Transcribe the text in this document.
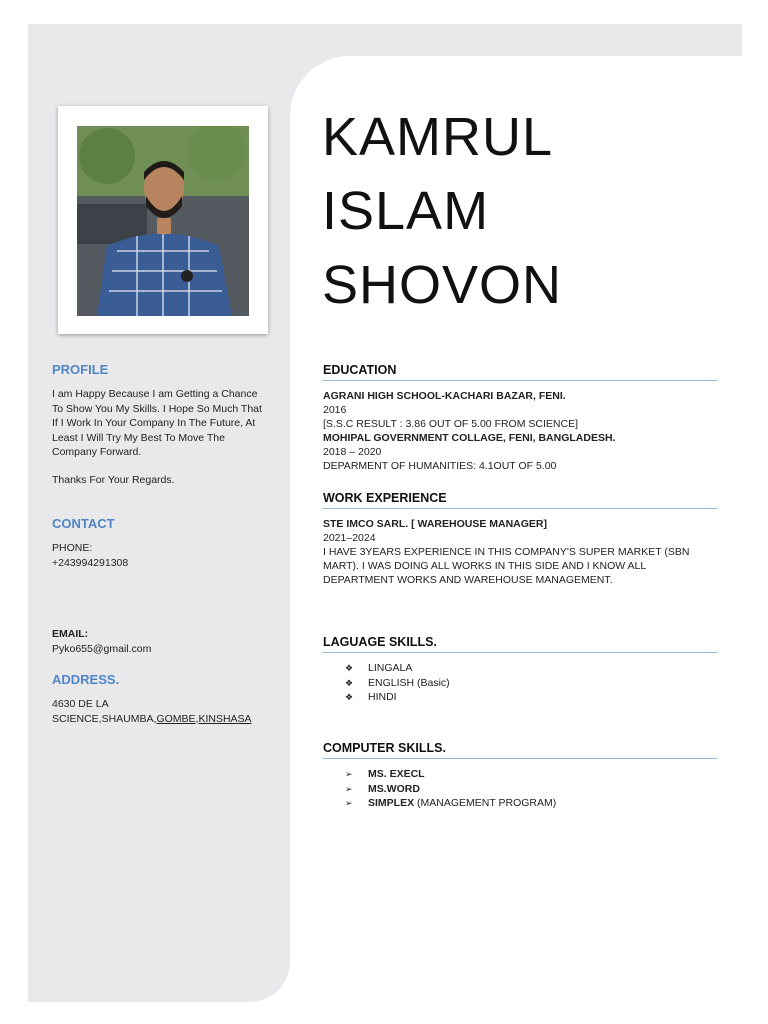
KAMRUL
ISLAM
SHOVON

PROFILE

I am Happy Because I am Getting a Chance To Show You My Skills. I Hope So Much That If I Work In Your Company In The Future, At Least I Will Try My Best To Move The Company Forward.

Thanks For Your Regards.

CONTACT

PHONE:

+243994291308

EMAIL:

Pyko655@gmail.com

ADDRESS.

4630 DE LA

SCIENCE,SHAUMBA,GOMBE,KINSHASA

EDUCATION

AGRANI HIGH SCHOOL-KACHARI BAZAR, FENI.

2016

[S.S.C RESULT : 3.86 OUT OF 5.00 FROM SCIENCE]

MOHIPAL GOVERNMENT COLLAGE, FENI, BANGLADESH.

2018 – 2020

DEPARMENT OF HUMANITIES: 4.1OUT OF 5.00

WORK EXPERIENCE

STE IMCO SARL. [ WAREHOUSE MANAGER]

2021–2024

I HAVE 3YEARS EXPERIENCE IN THIS COMPANY'S SUPER MARKET (SBN MART). I WAS DOING ALL WORKS IN THIS SIDE AND I KNOW ALL DEPARTMENT WORKS AND WAREHOUSE MANAGEMENT.

LAGUAGE SKILLS.

❖	LINGALA
❖	ENGLISH (Basic)
❖	HINDI

COMPUTER SKILLS.

➢	MS. EXECL
➢	MS.WORD
➢	SIMPLEX (MANAGEMENT PROGRAM)
